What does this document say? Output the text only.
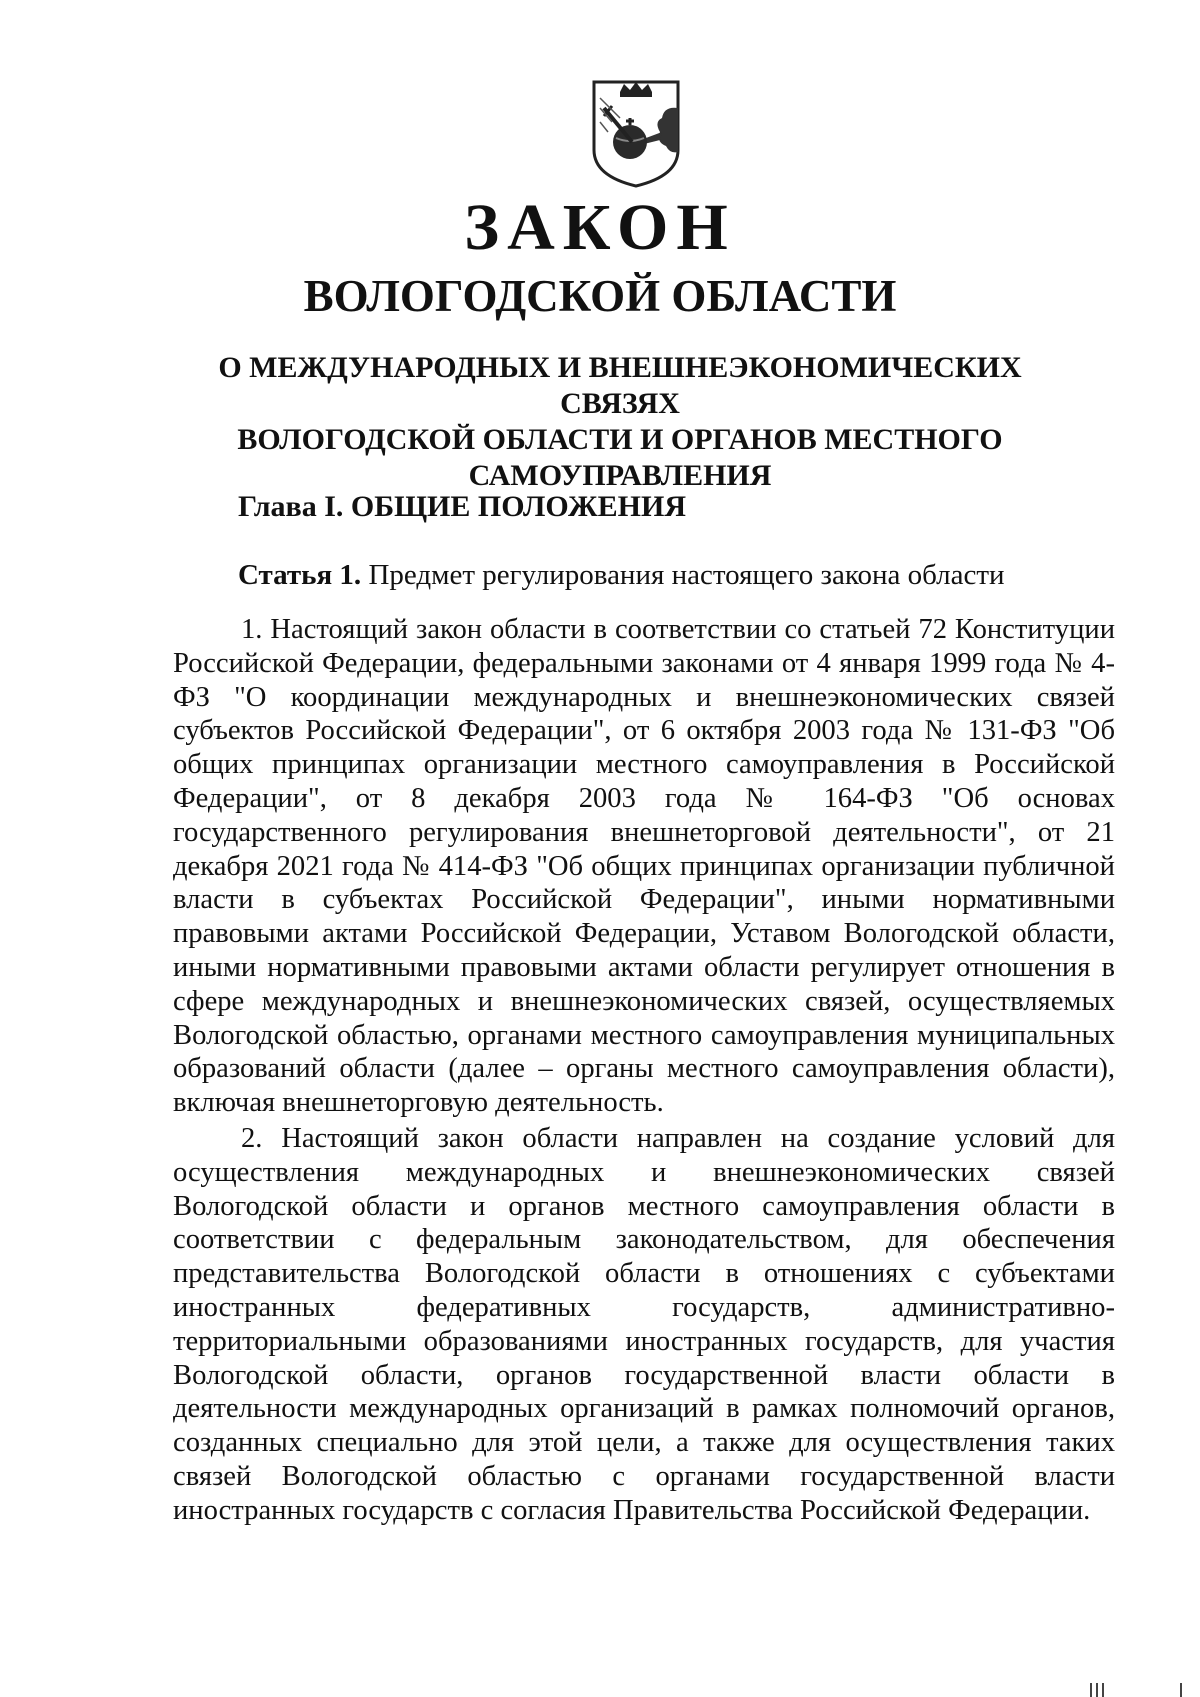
ЗАКОН
ВОЛОГОДСКОЙ ОБЛАСТИ
О МЕЖДУНАРОДНЫХ И ВНЕШНЕЭКОНОМИЧЕСКИХ СВЯЗЯХ
ВОЛОГОДСКОЙ ОБЛАСТИ И ОРГАНОВ МЕСТНОГО
САМОУПРАВЛЕНИЯ
Глава I. ОБЩИЕ ПОЛОЖЕНИЯ
Статья 1. Предмет регулирования настоящего закона области

1. Настоящий закон области в соответствии со статьей 72 Конституции Российской Федерации, федеральными законами от 4 января 1999 года № 4-ФЗ "О координации международных и внешнеэкономических связей субъектов Российской Федерации", от 6 октября 2003 года № 131-ФЗ "Об общих принципах организации местного самоуправления в Российской Федерации", от 8 декабря 2003 года № 164-ФЗ "Об основах государственного регулирования внешнеторговой деятельности", от 21 декабря 2021 года № 414-ФЗ "Об общих принципах организации публичной власти в субъектах Российской Федерации", иными нормативными правовыми актами Российской Федерации, Уставом Вологодской области, иными нормативными правовыми актами области регулирует отношения в сфере международных и внешнеэкономических связей, осуществляемых Вологодской областью, органами местного самоуправления муниципальных образований области (далее – органы местного самоуправления области), включая внешнеторговую деятельность.

2. Настоящий закон области направлен на создание условий для осуществления международных и внешнеэкономических связей Вологодской области и органов местного самоуправления области в соответствии с федеральным законодательством, для обеспечения представительства Вологодской области в отношениях с субъектами иностранных федеративных государств, административно-территориальными образованиями иностранных государств, для участия Вологодской области, органов государственной власти области в деятельности международных организаций в рамках полномочий органов, созданных специально для этой цели, а также для осуществления таких связей Вологодской областью с органами государственной власти иностранных государств с согласия Правительства Российской Федерации.
